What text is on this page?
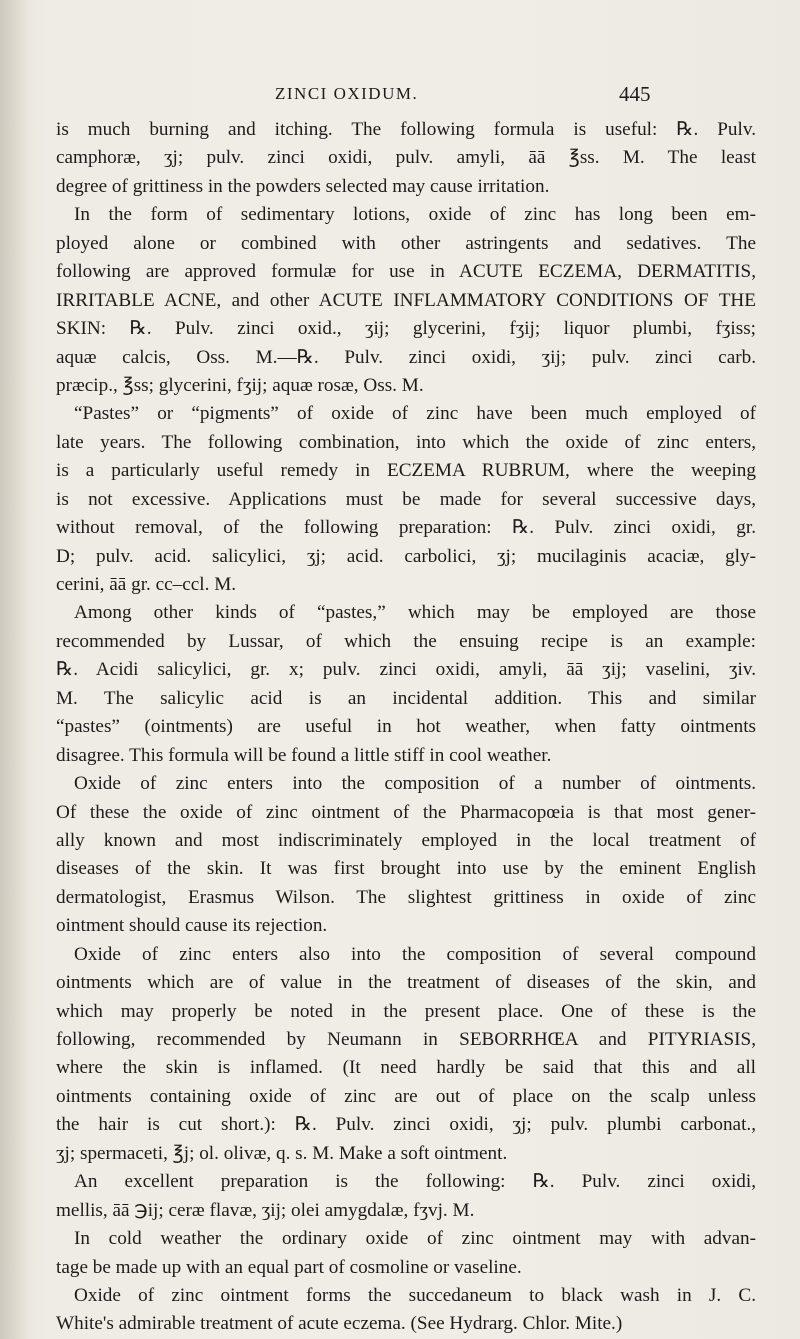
ZINCI OXIDUM.	445
is much burning and itching. The following formula is useful: ℞. Pulv.
camphoræ, ʒj; pulv. zinci oxidi, pulv. amyli, āā ℥ss. M. The least
degree of grittiness in the powders selected may cause irritation.
In the form of sedimentary lotions, oxide of zinc has long been em-
ployed alone or combined with other astringents and sedatives. The
following are approved formulæ for use in ACUTE ECZEMA, DERMATITIS,
IRRITABLE ACNE, and other ACUTE INFLAMMATORY CONDITIONS OF THE
SKIN: ℞. Pulv. zinci oxid., ʒij; glycerini, fʒij; liquor plumbi, fʒiss;
aquæ calcis, Oss. M.—℞. Pulv. zinci oxidi, ʒij; pulv. zinci carb.
præcip., ℥ss; glycerini, fʒij; aquæ rosæ, Oss. M.
“Pastes” or “pigments” of oxide of zinc have been much employed of
late years. The following combination, into which the oxide of zinc enters,
is a particularly useful remedy in ECZEMA RUBRUM, where the weeping
is not excessive. Applications must be made for several successive days,
without removal, of the following preparation: ℞. Pulv. zinci oxidi, gr.
D; pulv. acid. salicylici, ʒj; acid. carbolici, ʒj; mucilaginis acaciæ, gly-
cerini, āā gr. cc–ccl. M.
Among other kinds of “pastes,” which may be employed are those
recommended by Lussar, of which the ensuing recipe is an example:
℞. Acidi salicylici, gr. x; pulv. zinci oxidi, amyli, āā ʒij; vaselini, ʒiv.
M. The salicylic acid is an incidental addition. This and similar
“pastes” (ointments) are useful in hot weather, when fatty ointments
disagree. This formula will be found a little stiff in cool weather.
Oxide of zinc enters into the composition of a number of ointments.
Of these the oxide of zinc ointment of the Pharmacopœia is that most gener-
ally known and most indiscriminately employed in the local treatment of
diseases of the skin. It was first brought into use by the eminent English
dermatologist, Erasmus Wilson. The slightest grittiness in oxide of zinc
ointment should cause its rejection.
Oxide of zinc enters also into the composition of several compound
ointments which are of value in the treatment of diseases of the skin, and
which may properly be noted in the present place. One of these is the
following, recommended by Neumann in SEBORRHŒA and PITYRIASIS,
where the skin is inflamed. (It need hardly be said that this and all
ointments containing oxide of zinc are out of place on the scalp unless
the hair is cut short.): ℞. Pulv. zinci oxidi, ʒj; pulv. plumbi carbonat.,
ʒj; spermaceti, ℥j; ol. olivæ, q. s. M. Make a soft ointment.
An excellent preparation is the following: ℞. Pulv. zinci oxidi,
mellis, āā ℈ij; ceræ flavæ, ʒij; olei amygdalæ, fʒvj. M.
In cold weather the ordinary oxide of zinc ointment may with advan-
tage be made up with an equal part of cosmoline or vaseline.
Oxide of zinc ointment forms the succedaneum to black wash in J. C.
White's admirable treatment of acute eczema. (See Hydrarg. Chlor. Mite.)
